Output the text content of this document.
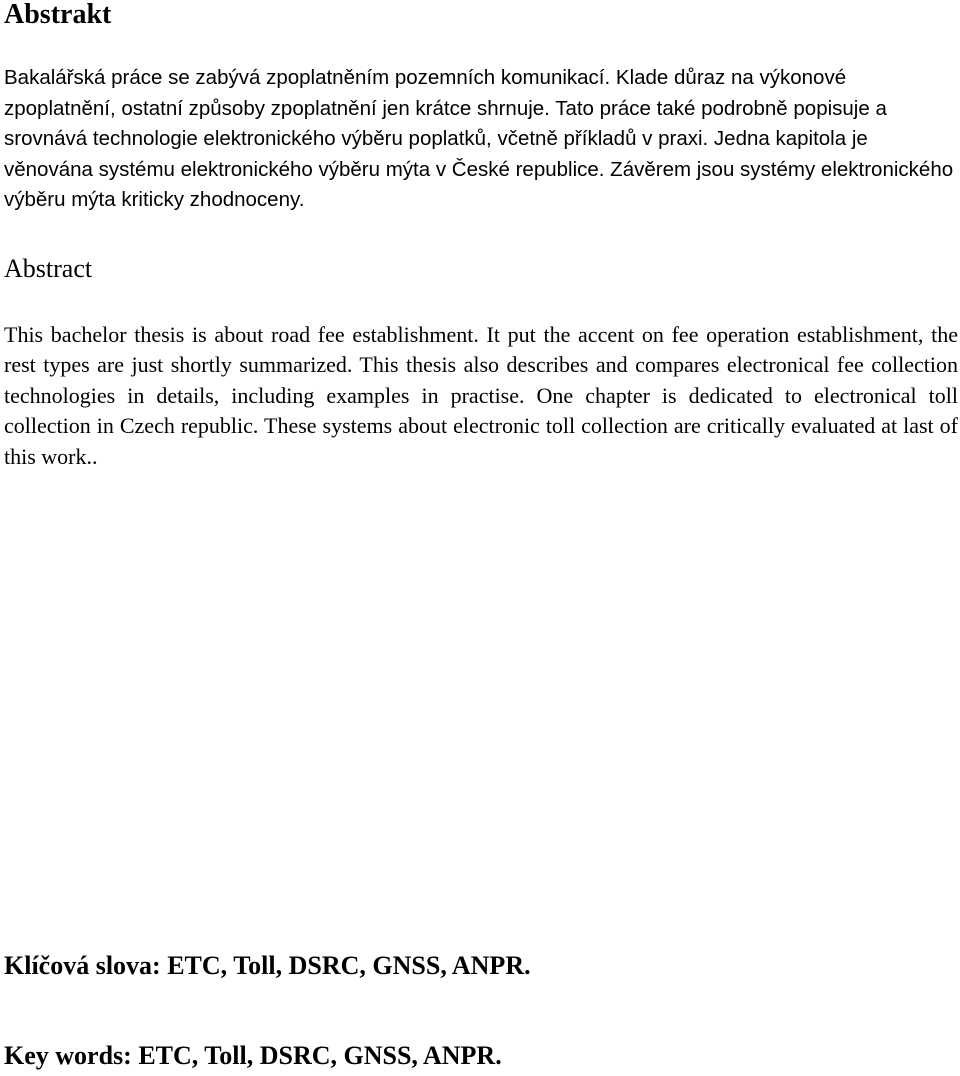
Abstrakt

Bakalářská práce se zabývá zpoplatněním pozemních komunikací. Klade důraz na výkonové zpoplatnění, ostatní způsoby zpoplatnění jen krátce shrnuje. Tato práce také podrobně popisuje a srovnává technologie elektronického výběru poplatků, včetně příkladů v praxi. Jedna kapitola je věnována systému elektronického výběru mýta v České republice. Závěrem jsou systémy elektronického výběru mýta kriticky zhodnoceny.

Abstract

This bachelor thesis is about road fee establishment. It put the accent on fee operation establishment, the rest types are just shortly summarized. This thesis also describes and compares electronical fee collection technologies in details, including examples in practise. One chapter is dedicated to electronical toll collection in Czech republic. These systems about electronic toll collection are critically evaluated at last of this work..

Klíčová slova: ETC, Toll, DSRC, GNSS, ANPR.

Key words: ETC, Toll, DSRC, GNSS, ANPR.
